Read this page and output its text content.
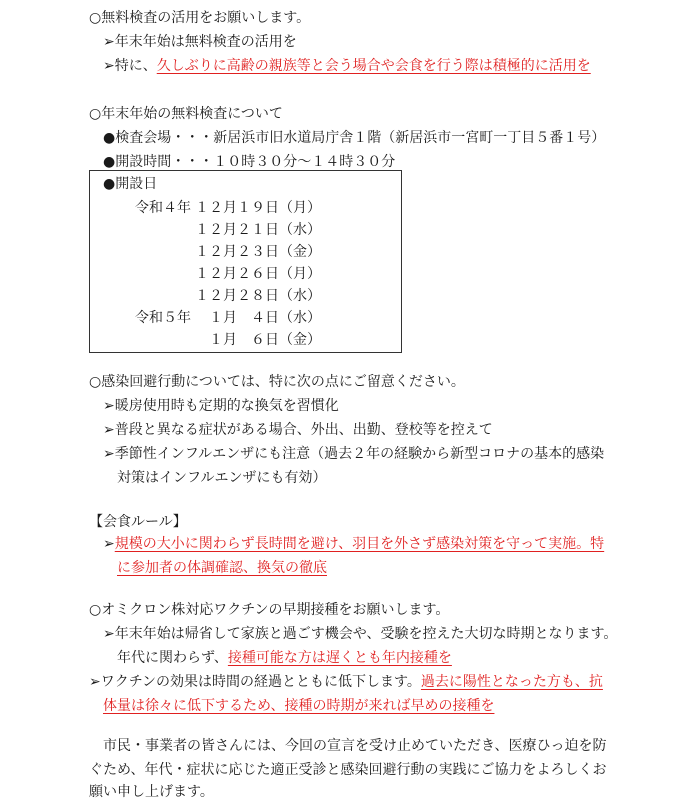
○無料検査の活用をお願いします。
➢年末年始は無料検査の活用を
➢特に、久しぶりに高齢の親族等と会う場合や会食を行う際は積極的に活用を
○年末年始の無料検査について
●検査会場・・・新居浜市旧水道局庁舎１階（新居浜市一宮町一丁目５番１号）
●開設時間・・・１０時３０分～１４時３０分
●開設日
令和４年 １２月１９日（月）
１２月２１日（水）
１２月２３日（金）
１２月２６日（月）
１２月２８日（水）
令和５年 １月　４日（水）
１月　６日（金）
○感染回避行動については、特に次の点にご留意ください。
➢暖房使用時も定期的な換気を習慣化
➢普段と異なる症状がある場合、外出、出勤、登校等を控えて
➢季節性インフルエンザにも注意（過去２年の経験から新型コロナの基本的感染
対策はインフルエンザにも有効）
【会食ルール】
➢規模の大小に関わらず長時間を避け、羽目を外さず感染対策を守って実施。特
に参加者の体調確認、換気の徹底
○オミクロン株対応ワクチンの早期接種をお願いします。
➢年末年始は帰省して家族と過ごす機会や、受験を控えた大切な時期となります。
年代に関わらず、接種可能な方は遅くとも年内接種を
➢ワクチンの効果は時間の経過とともに低下します。過去に陽性となった方も、抗
体量は徐々に低下するため、接種の時期が来れば早めの接種を
市民・事業者の皆さんには、今回の宣言を受け止めていただき、医療ひっ迫を防
ぐため、年代・症状に応じた適正受診と感染回避行動の実践にご協力をよろしくお
願い申し上げます。
